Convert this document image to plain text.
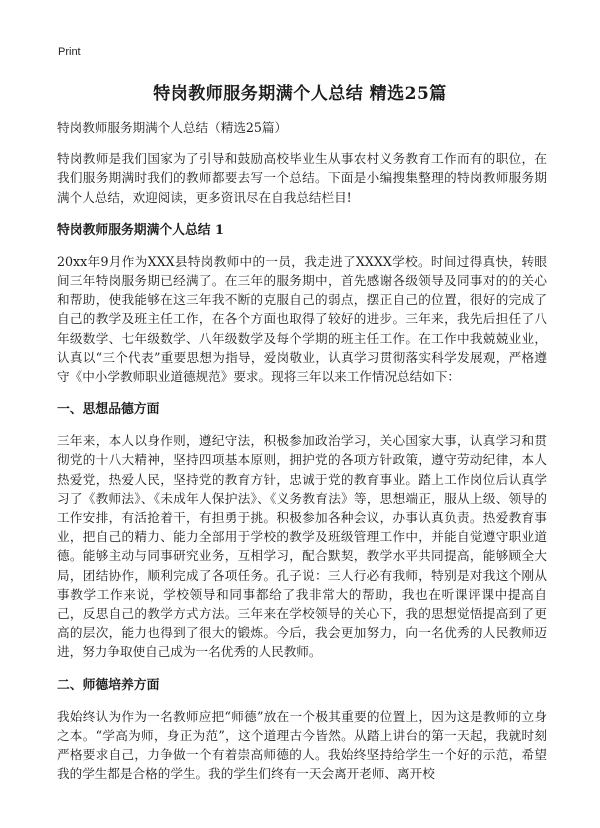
Print
特岗教师服务期满个人总结 精选25篇

特岗教师服务期满个人总结（精选25篇）

特岗教师是我们国家为了引导和鼓励高校毕业生从事农村义务教育工作而有的职位，在我们服务期满时我们的教师都要去写一个总结。下面是小编搜集整理的特岗教师服务期满个人总结，欢迎阅读，更多资讯尽在自我总结栏目!

特岗教师服务期满个人总结 1

20xx年9月作为XXX县特岗教师中的一员，我走进了XXXX学校。时间过得真快，转眼间三年特岗服务期已经满了。在三年的服务期中，首先感谢各级领导及同事对的的关心和帮助，使我能够在这三年我不断的克服自己的弱点，摆正自己的位置，很好的完成了自己的教学及班主任工作，在各个方面也取得了较好的进步。三年来，我先后担任了八年级数学、七年级数学、八年级数学及每个学期的班主任工作。在工作中我兢兢业业，认真以“三个代表”重要思想为指导，爱岗敬业，认真学习贯彻落实科学发展观，严格遵守《中小学教师职业道德规范》要求。现将三年以来工作情况总结如下：

一、思想品德方面

三年来，本人以身作则，遵纪守法，积极参加政治学习，关心国家大事，认真学习和贯彻党的十八大精神，坚持四项基本原则，拥护党的各项方针政策，遵守劳动纪律，本人热爱党，热爱人民，坚持党的教育方针，忠诚于党的教育事业。踏上工作岗位后认真学习了《教师法》、《未成年人保护法》、《义务教育法》等，思想端正，服从上级、领导的工作安排，有活抢着干，有担勇于挑。积极参加各种会议，办事认真负责。热爱教育事业，把自己的精力、能力全部用于学校的教学及班级管理工作中，并能自觉遵守职业道德。能够主动与同事研究业务，互相学习，配合默契，教学水平共同提高，能够顾全大局，团结协作，顺利完成了各项任务。孔子说：三人行必有我师，特别是对我这个刚从事教学工作来说，学校领导和同事都给了我非常大的帮助，我也在听课评课中提高自己，反思自己的教学方式方法。三年来在学校领导的关心下，我的思想觉悟提高到了更高的层次，能力也得到了很大的锻炼。今后，我会更加努力，向一名优秀的人民教师迈进，努力争取使自己成为一名优秀的人民教师。

二、师德培养方面

我始终认为作为一名教师应把“师德”放在一个极其重要的位置上，因为这是教师的立身之本。“学高为师，身正为范”，这个道理古今皆然。从踏上讲台的第一天起，我就时刻严格要求自己，力争做一个有着崇高师德的人。我始终坚持给学生一个好的示范，希望我的学生都是合格的学生。我的学生们终有一天会离开老师、离开校
